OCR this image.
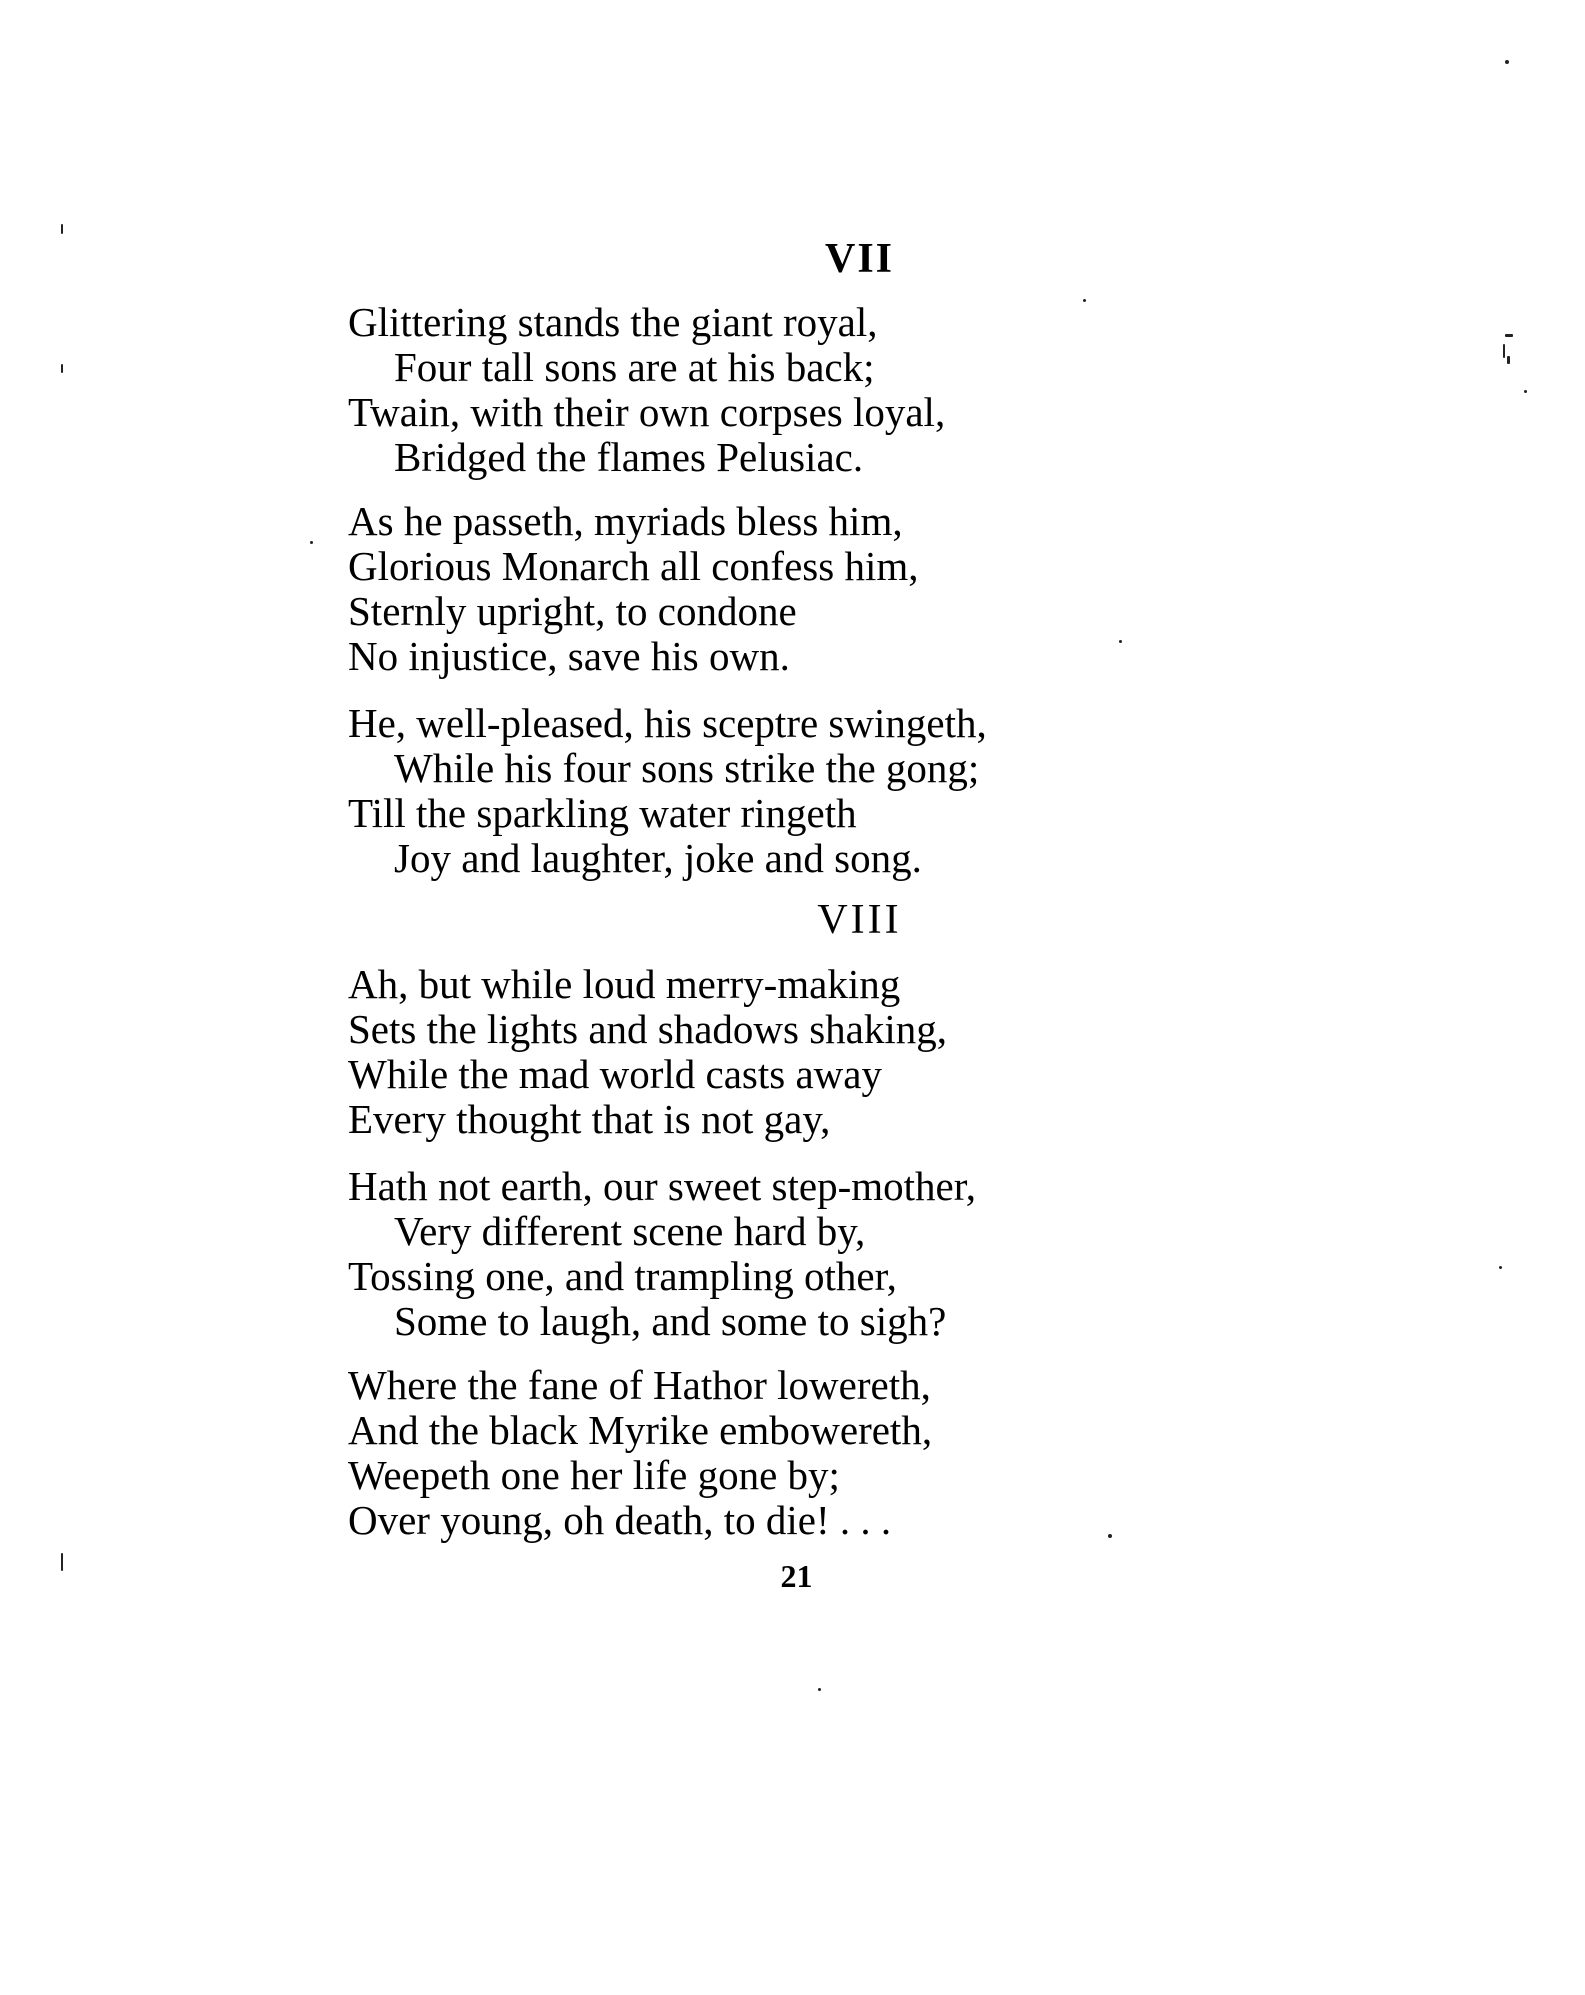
VII
Glittering stands the giant royal,
Four tall sons are at his back;
Twain, with their own corpses loyal,
Bridged the flames Pelusiac.
As he passeth, myriads bless him,
Glorious Monarch all confess him,
Sternly upright, to condone
No injustice, save his own.
He, well-pleased, his sceptre swingeth,
While his four sons strike the gong;
Till the sparkling water ringeth
Joy and laughter, joke and song.
VIII
Ah, but while loud merry-making
Sets the lights and shadows shaking,
While the mad world casts away
Every thought that is not gay,
Hath not earth, our sweet step-mother,
Very different scene hard by,
Tossing one, and trampling other,
Some to laugh, and some to sigh?
Where the fane of Hathor lowereth,
And the black Myrike embowereth,
Weepeth one her life gone by;
Over young, oh death, to die! . . .
21
